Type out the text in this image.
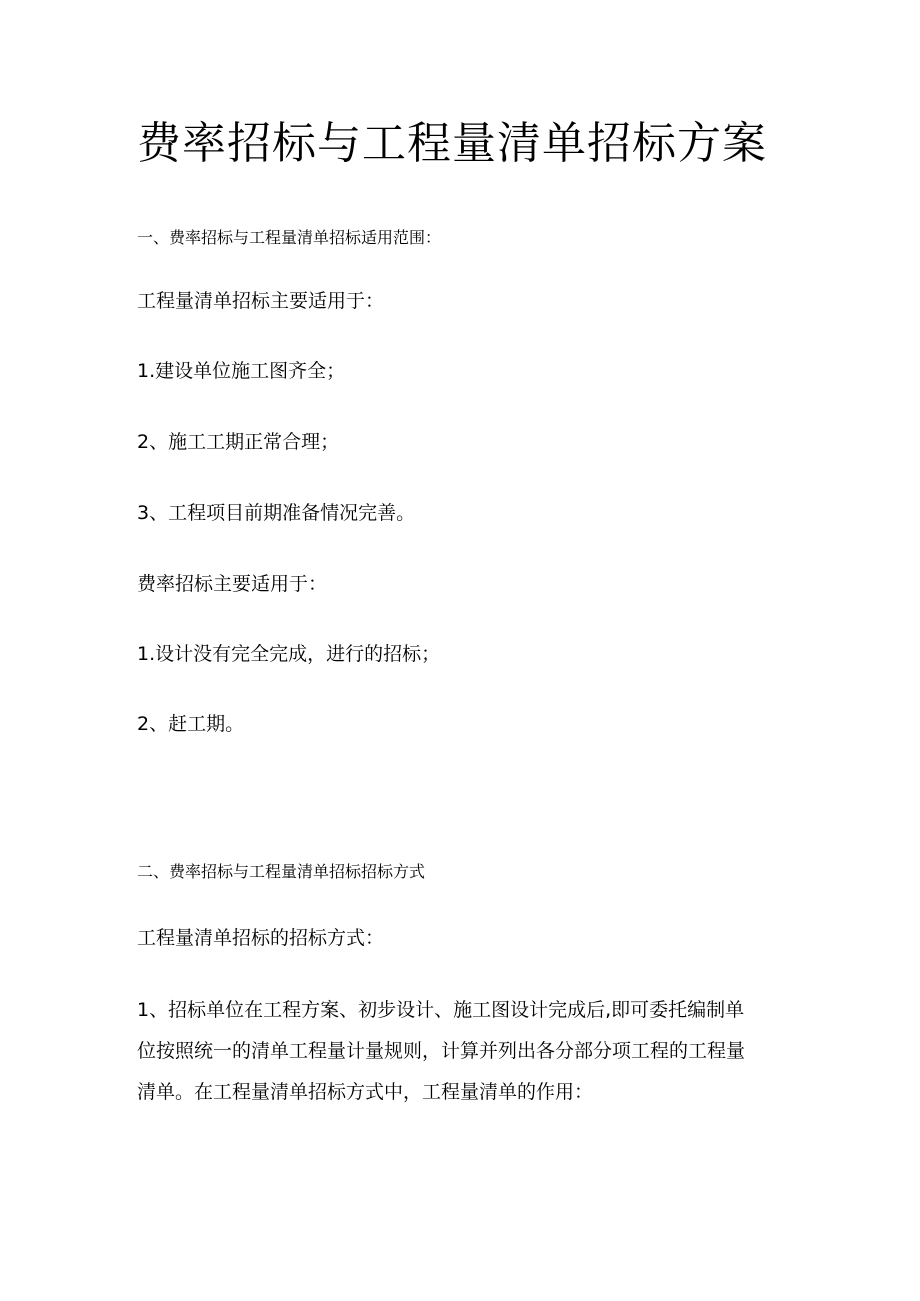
费率招标与工程量清单招标方案
一、费率招标与工程量清单招标适用范围：
工程量清单招标主要适用于：
1.建设单位施工图齐全；
2、施工工期正常合理；
3、工程项目前期准备情况完善。
费率招标主要适用于：
1.设计没有完全完成，进行的招标；
2、赶工期。
二、费率招标与工程量清单招标招标方式
工程量清单招标的招标方式：
1、招标单位在工程方案、初步设计、施工图设计完成后,即可委托编制单
位按照统一的清单工程量计量规则，计算并列出各分部分项工程的工程量
清单。在工程量清单招标方式中，工程量清单的作用：
